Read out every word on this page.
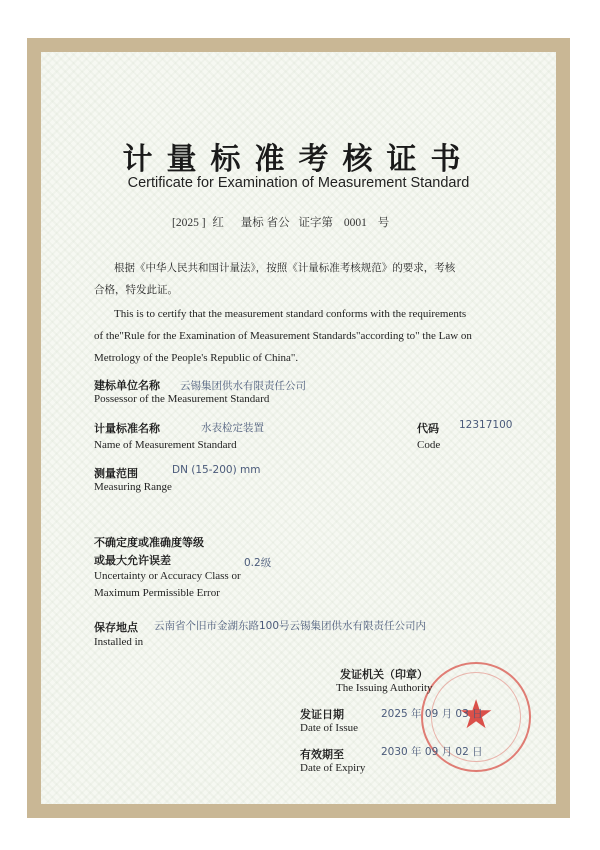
计量标准考核证书
Certificate for Examination of Measurement Standard
[2025 ] 红 量标 省公 证字第 0001 号
根据《中华人民共和国计量法》，按照《计量标准考核规范》的要求，考核
合格，特发此证。
This is to certify that the measurement standard conforms with the requirements
of the"Rule for the Examination of Measurement Standards"according to" the Law on
Metrology of the People's Republic of China".
建标单位名称 云锡集团供水有限责任公司
Possessor of the Measurement Standard
计量标准名称	水表检定装置
Name of Measurement Standard
代码 12317100
Code
测量范围	DN (15-200) mm
Measuring Range
不确定度或准确度等级
或最大允许误差	0.2级
Uncertainty or Accuracy Class or
Maximum Permissible Error
保存地点 云南省个旧市金湖东路100号云锡集团供水有限责任公司内
Installed in
★
发证机关（印章）
The Issuing Authority
发证日期	2025 年 09 月 03 日
Date of Issue
有效期至	2030 年 09 月 02 日
Date of Expiry
